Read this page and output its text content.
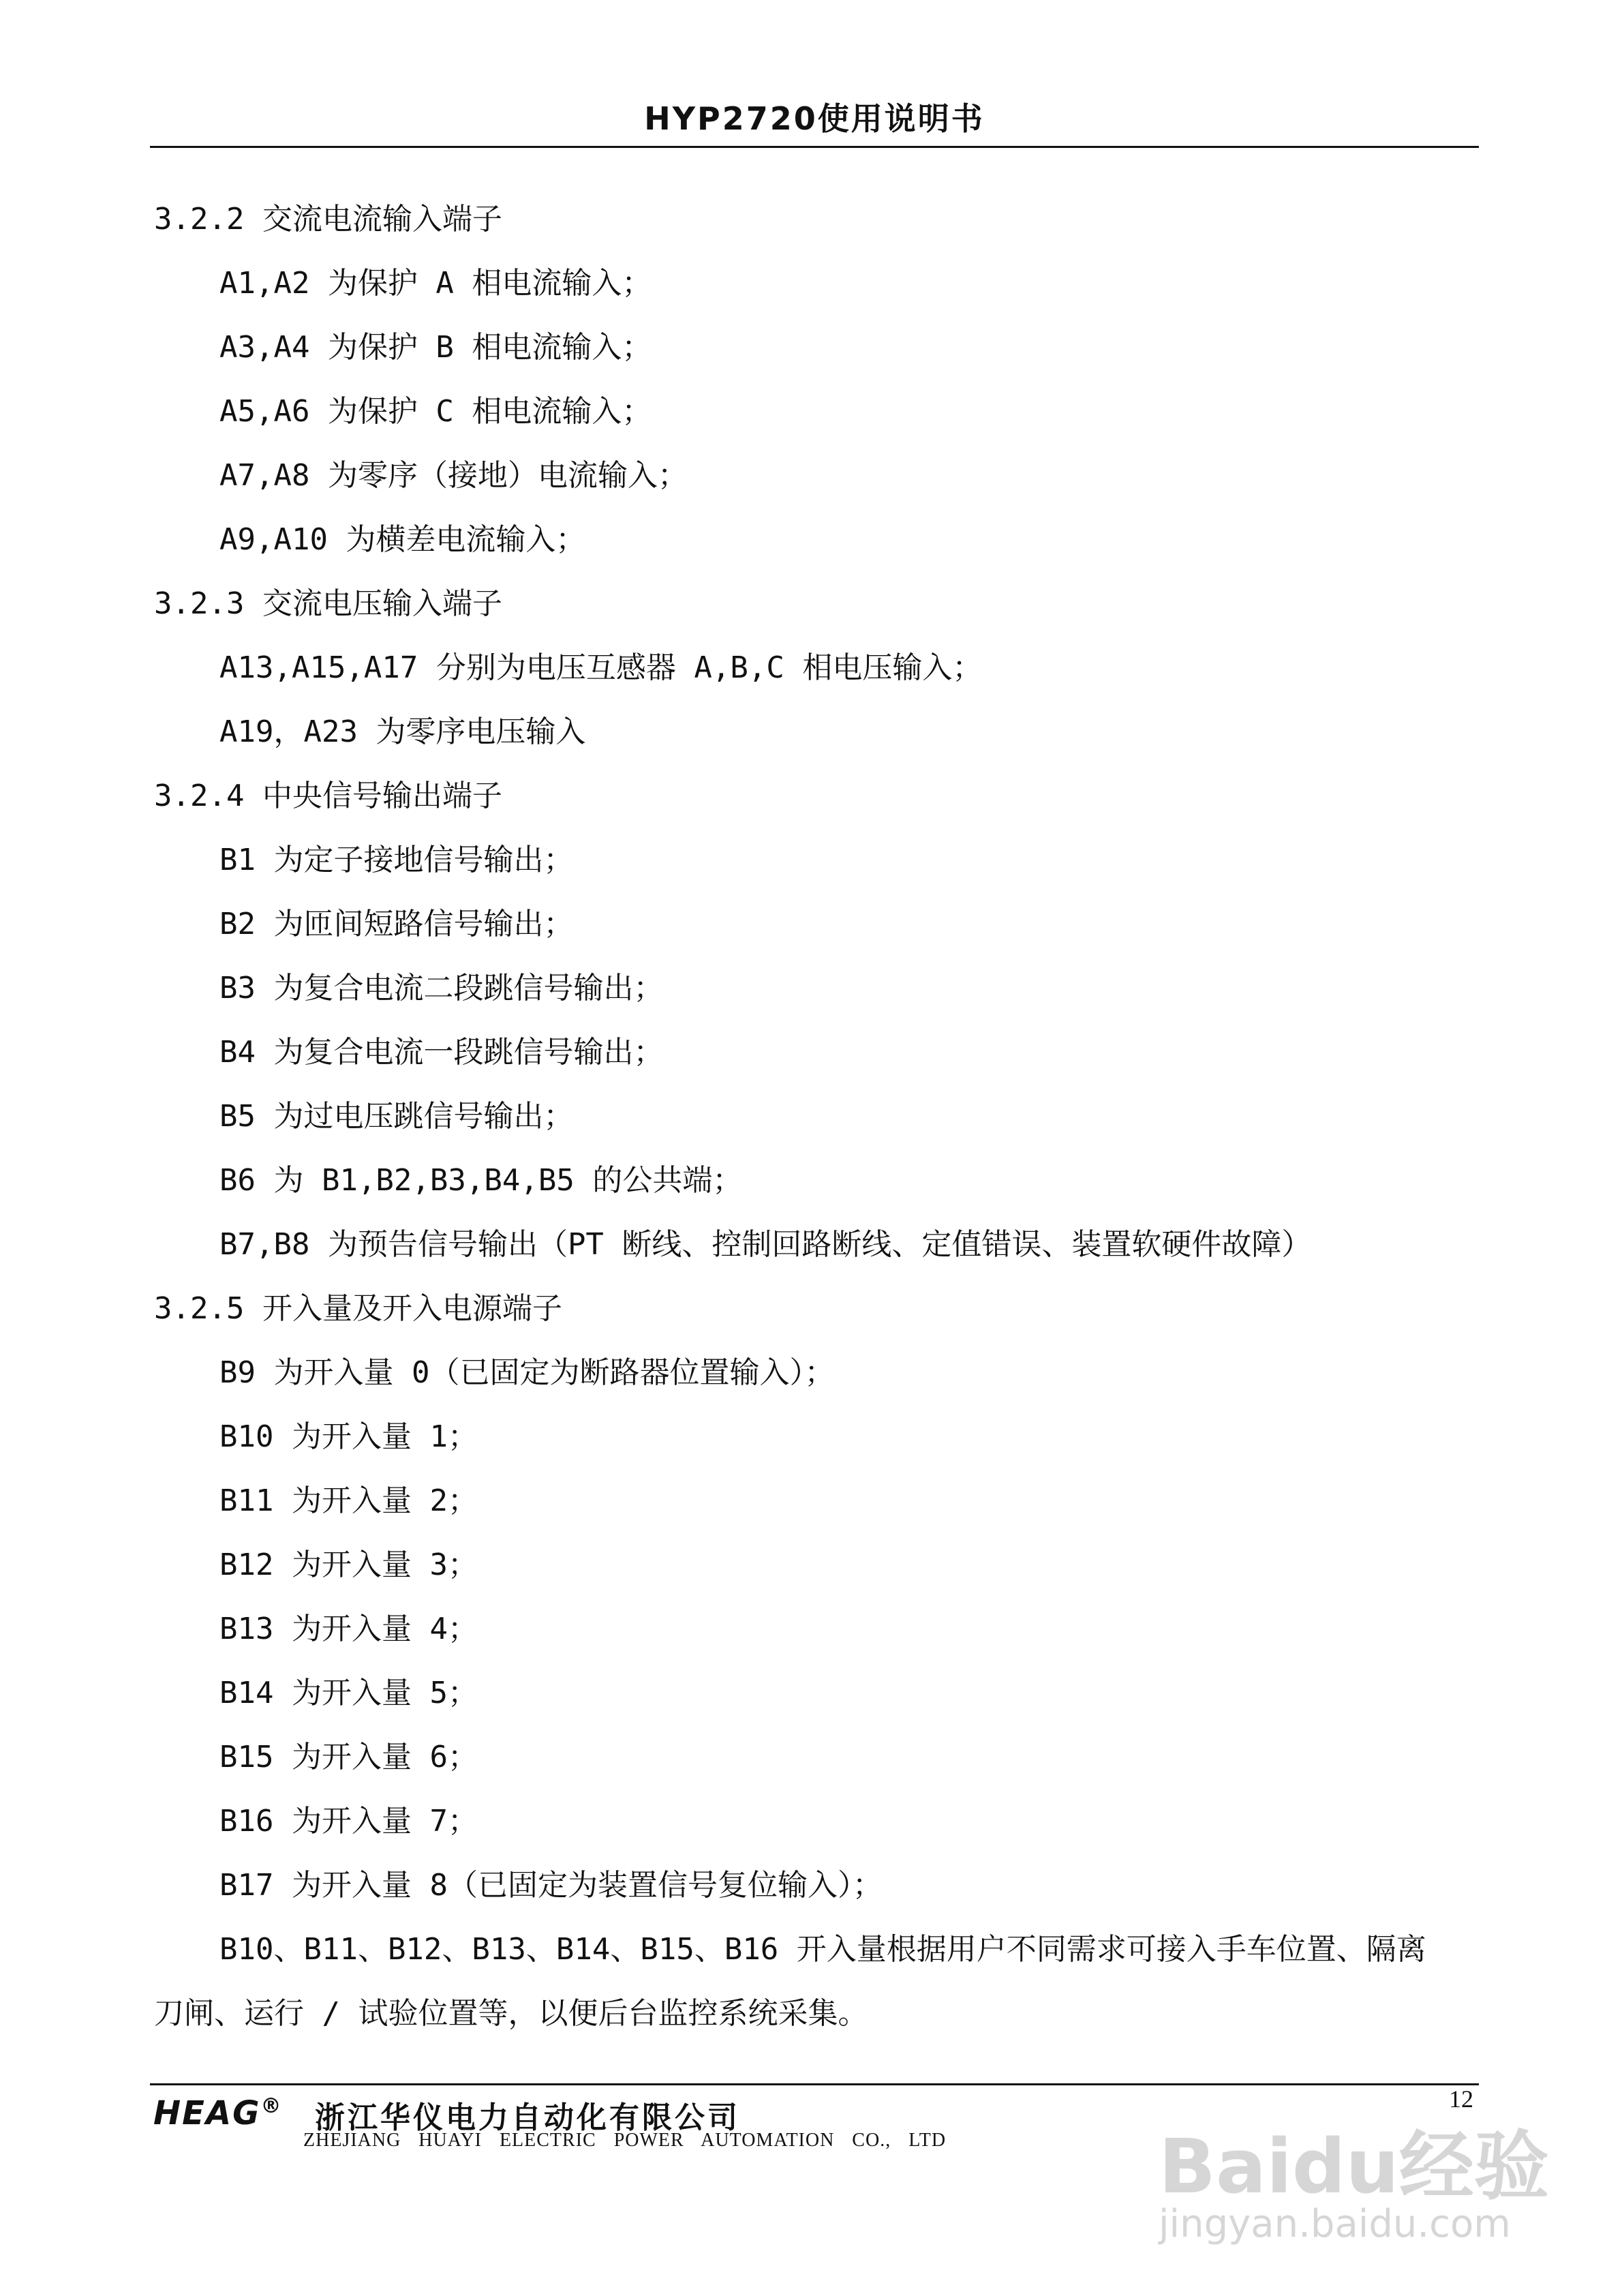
HYP2720使用说明书
3.2.2 交流电流输入端子
A1,A2 为保护 A 相电流输入；
A3,A4 为保护 B 相电流输入；
A5,A6 为保护 C 相电流输入；
A7,A8 为零序（接地）电流输入；
A9,A10 为横差电流输入；
3.2.3 交流电压输入端子
A13,A15,A17 分别为电压互感器 A,B,C 相电压输入；
A19，A23 为零序电压输入
3.2.4 中央信号输出端子
B1 为定子接地信号输出；
B2 为匝间短路信号输出；
B3 为复合电流二段跳信号输出；
B4 为复合电流一段跳信号输出；
B5 为过电压跳信号输出；
B6 为 B1,B2,B3,B4,B5 的公共端；
B7,B8 为预告信号输出（PT 断线、控制回路断线、定值错误、装置软硬件故障）
3.2.5 开入量及开入电源端子
B9 为开入量 0（已固定为断路器位置输入）；
B10 为开入量 1；
B11 为开入量 2；
B12 为开入量 3；
B13 为开入量 4；
B14 为开入量 5；
B15 为开入量 6；
B16 为开入量 7；
B17 为开入量 8（已固定为装置信号复位输入）；
B10、B11、B12、B13、B14、B15、B16 开入量根据用户不同需求可接入手车位置、隔离
刀闸、运行 / 试验位置等，以便后台监控系统采集。
HEAG® 浙江华仪电力自动化有限公司
ZHEJIANG HUAYI ELECTRIC POWER AUTOMATION CO., LTD
12
Baidu经验
jingyan.baidu.com
